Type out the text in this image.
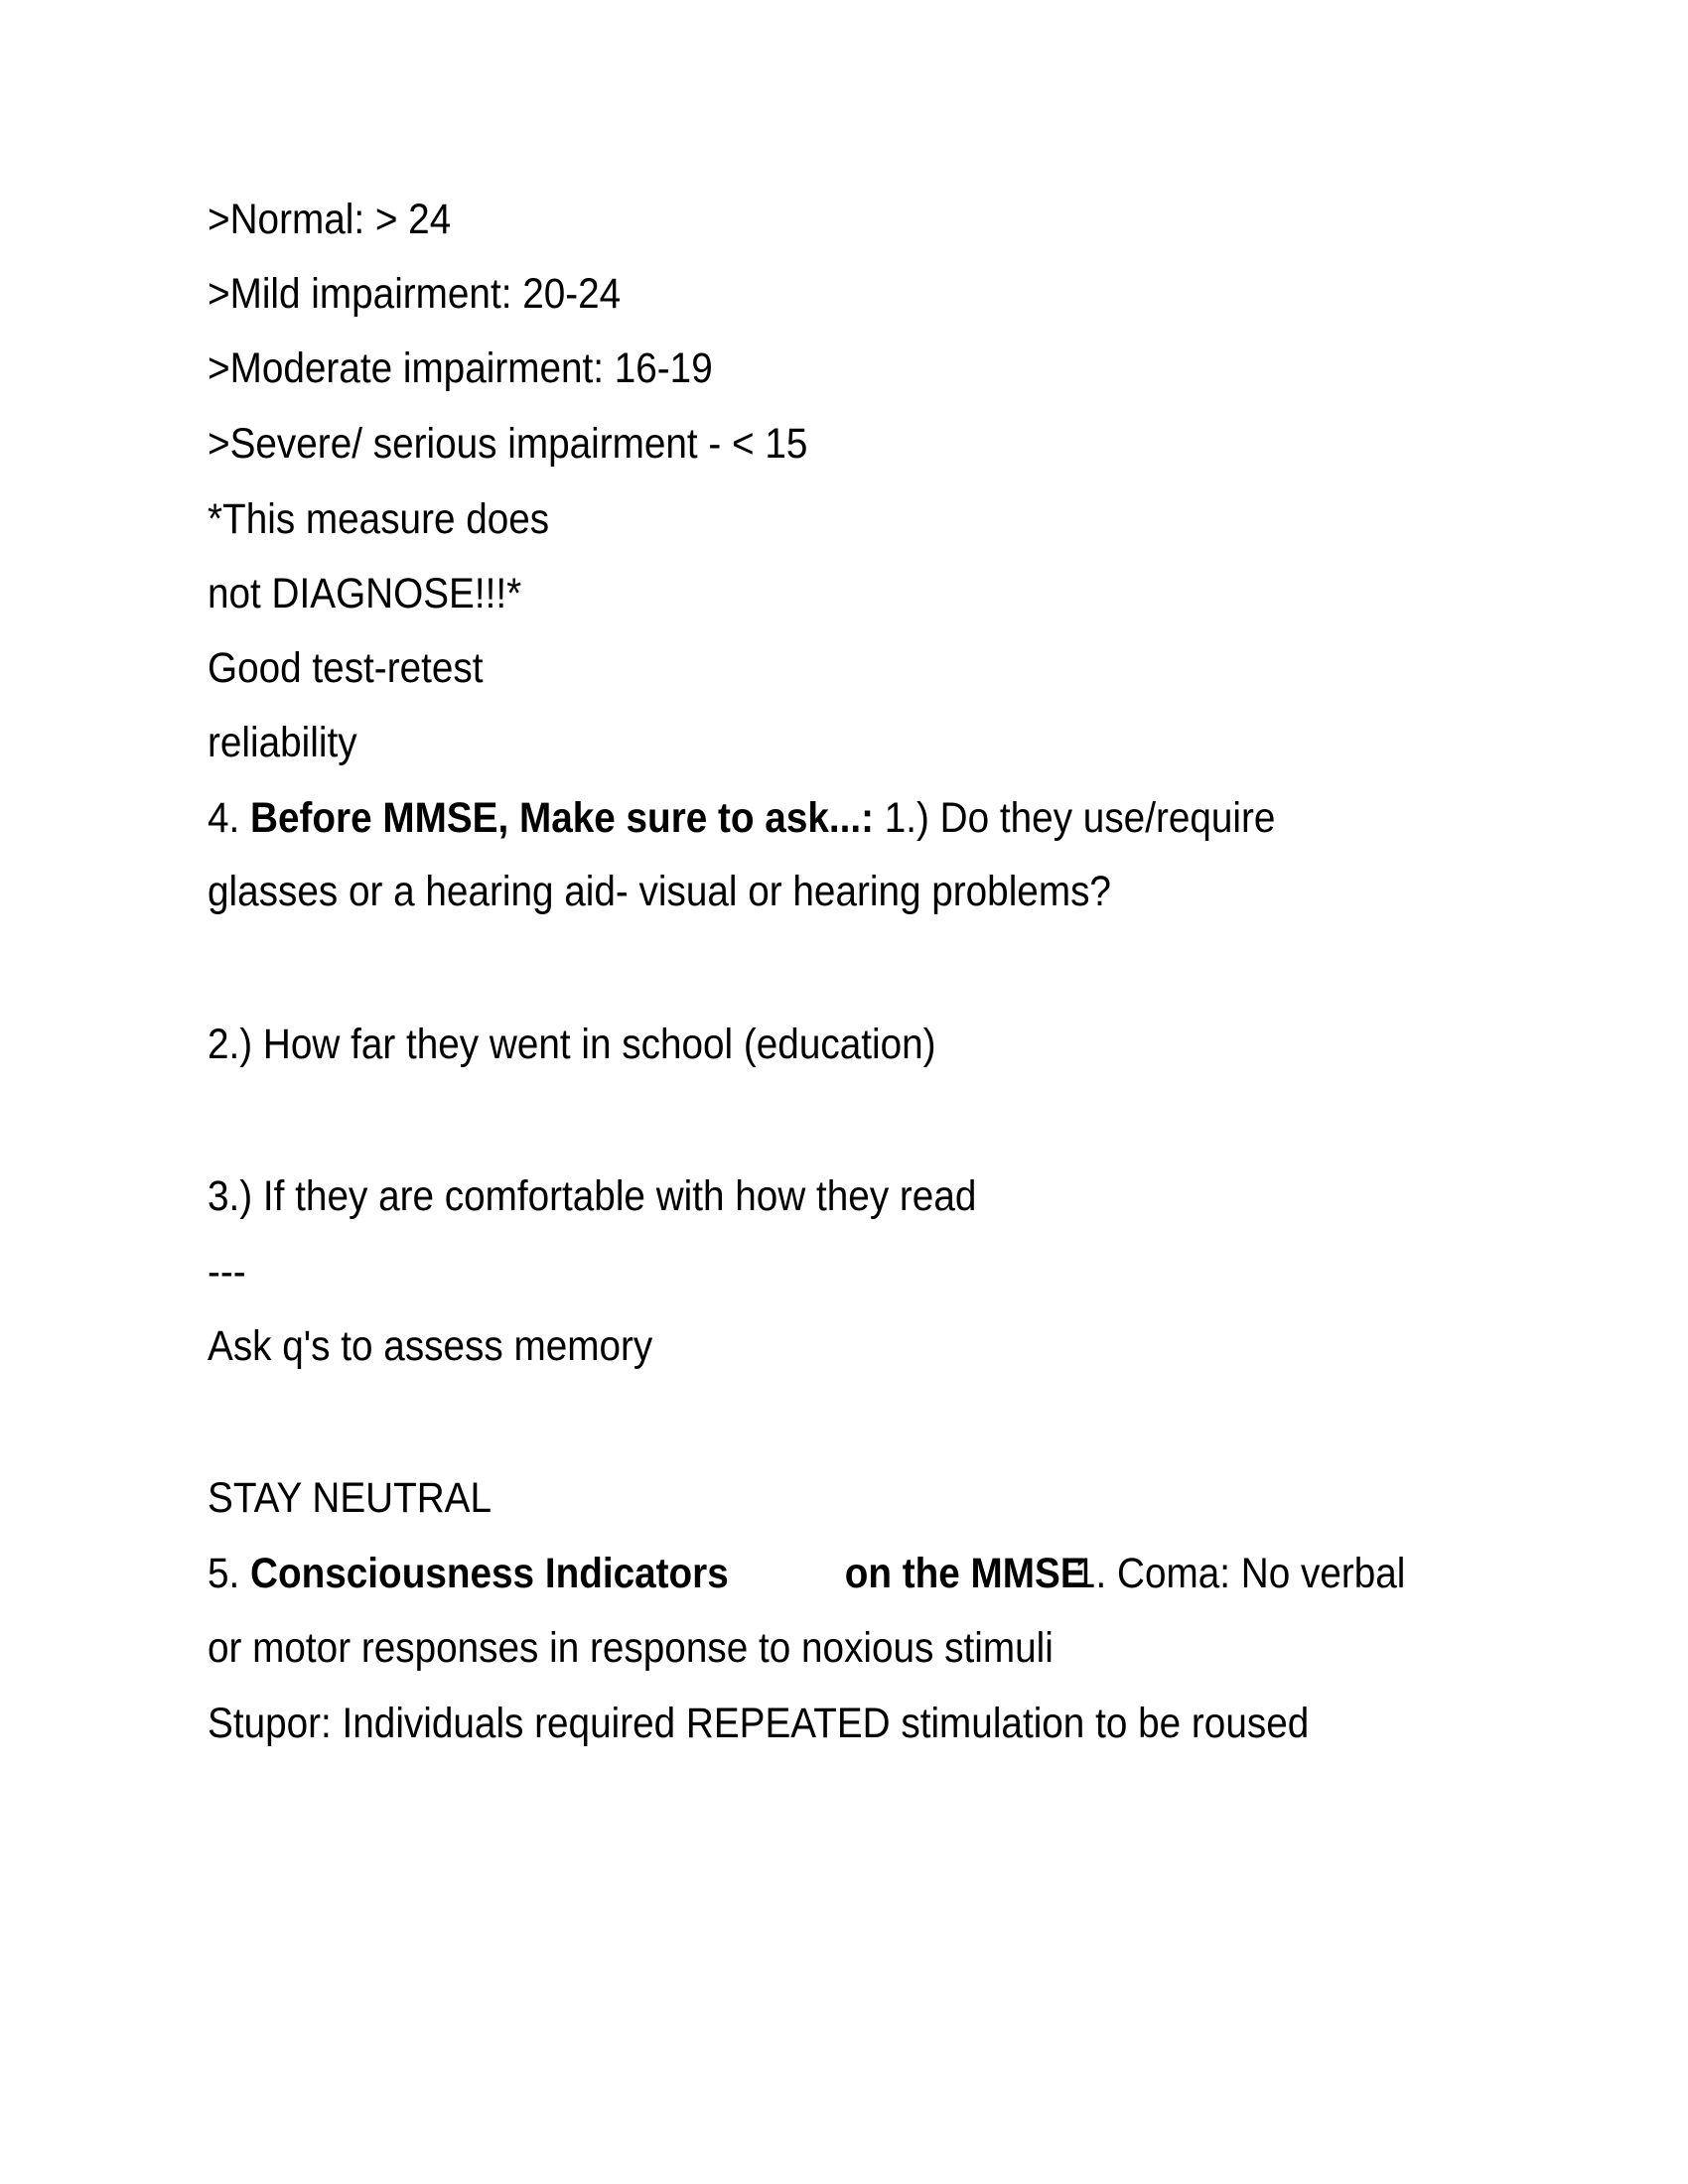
>Normal: > 24
>Mild impairment: 20-24
>Moderate impairment: 16-19
>Severe/ serious impairment - < 15
*This measure does
not DIAGNOSE!!!*
Good test-retest
reliability
4. Before MMSE, Make sure to ask...: 1.) Do they use/require
glasses or a hearing aid- visual or hearing problems?
2.) How far they went in school (education)
3.) If they are comfortable with how they read
---
Ask q's to assess memory
STAY NEUTRAL
5. Consciousness Indicators	on the MMSE
1. Coma: No verbal
or motor responses in response to noxious stimuli
Stupor: Individuals required REPEATED stimulation to be roused
